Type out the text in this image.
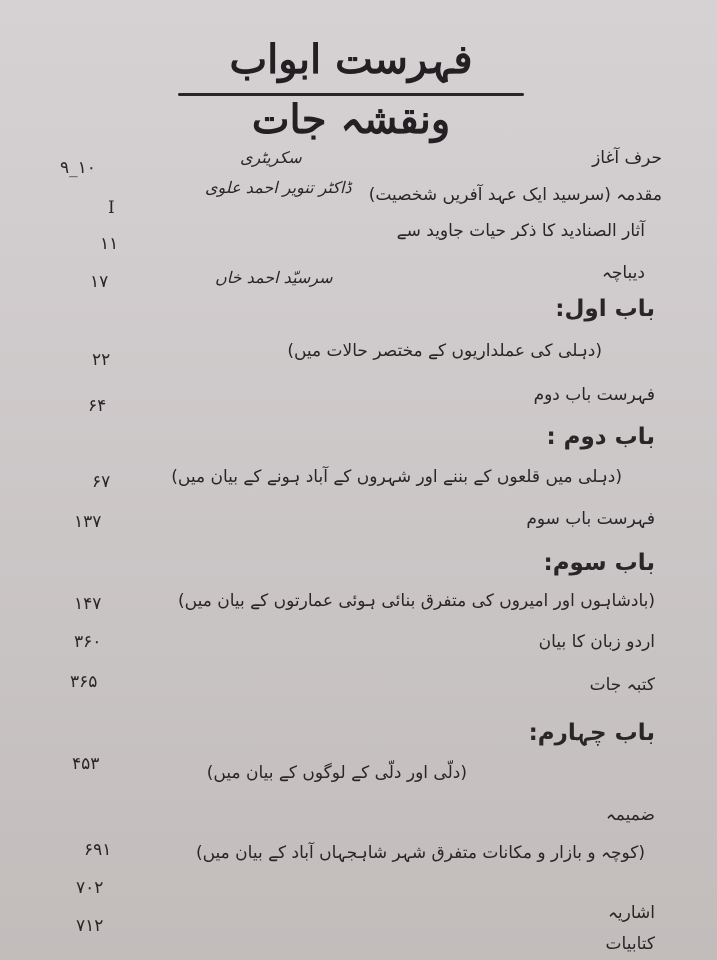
فہرست ابواب ونقشہ جات
حرف آغاز
سکریٹری
۹_۱۰
مقدمہ (سرسید ایک عہد آفریں شخصیت)
ڈاکٹر تنویر احمد علوی
I
آثار الصنادید کا ذکر حیات جاوید سے
۱۱
دیباچہ
سرسیّد احمد خاں
۱۷
باب اول:
(دہلی کی عملداریوں کے مختصر حالات میں)
۲۲
فہرست باب دوم
۶۴
باب دوم :
(دہلی میں قلعوں کے بننے اور شہروں کے آباد ہونے کے بیان میں)
۶۷
فہرست باب سوم
۱۳۷
باب سوم:
(بادشاہوں اور امیروں کی متفرق بنائی ہوئی عمارتوں کے بیان میں)
۱۴۷
اردو زبان کا بیان
۳۶۰
کتبہ جات
۳۶۵
باب چہارم:
(دلّی اور دلّی کے لوگوں کے بیان میں)
۴۵۳
ضمیمہ
(کوچہ و بازار و مکانات متفرق شہر شاہجہاں آباد کے بیان میں)
۶۹۱
اشاریہ
۷۰۲
کتابیات
۷۱۲
